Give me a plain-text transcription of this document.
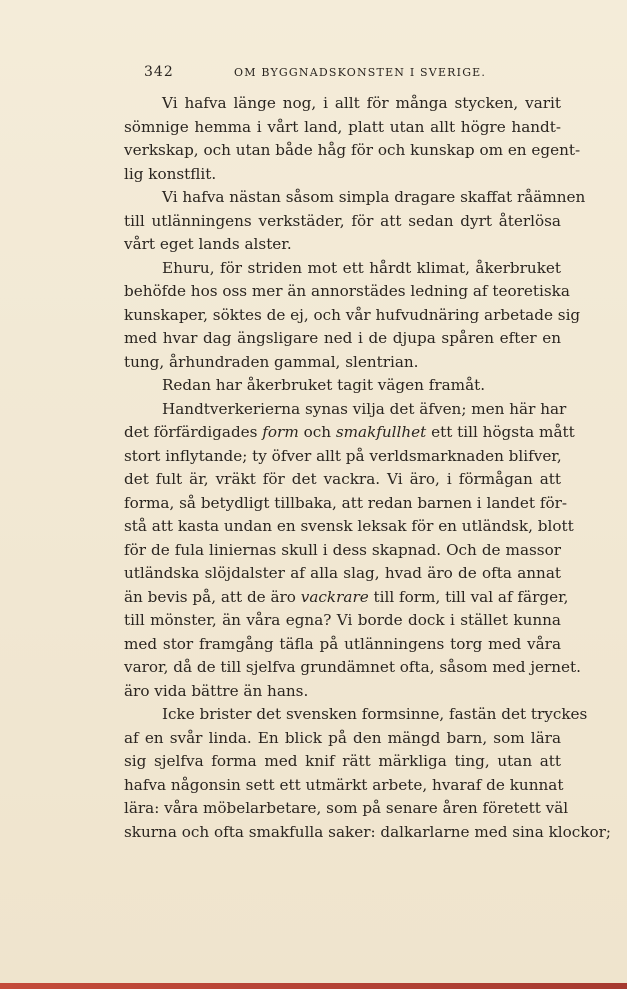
342	OM BYGGNADSKONSTEN I SVERIGE.
Vi hafva länge nog, i allt för många stycken, varit
sömnige hemma i vårt land, platt utan allt högre handt-
verkskap, och utan både håg för och kunskap om en egent-
lig konstflit.
Vi hafva nästan såsom simpla dragare skaffat råämnen
till utlänningens verkstäder, för att sedan dyrt återlösa
vårt eget lands alster.
Ehuru, för striden mot ett hårdt klimat, åkerbruket
behöfde hos oss mer än annorstädes ledning af teoretiska
kunskaper, söktes de ej, och vår hufvudnäring arbetade sig
med hvar dag ängsligare ned i de djupa spåren efter en
tung, århundraden gammal, slentrian.
Redan har åkerbruket tagit vägen framåt.
Handtverkerierna synas vilja det äfven; men här har
det förfärdigades form och smakfullhet ett till högsta mått
stort inflytande; ty öfver allt på verldsmarknaden blifver,
det fult är, vräkt för det vackra. Vi äro, i förmågan att
forma, så betydligt tillbaka, att redan barnen i landet för-
stå att kasta undan en svensk leksak för en utländsk, blott
för de fula liniernas skull i dess skapnad. Och de massor
utländska slöjdalster af alla slag, hvad äro de ofta annat
än bevis på, att de äro vackrare till form, till val af färger,
till mönster, än våra egna? Vi borde dock i stället kunna
med stor framgång täfla på utlänningens torg med våra
varor, då de till sjelfva grundämnet ofta, såsom med jernet.
äro vida bättre än hans.
Icke brister det svensken formsinne, fastän det tryckes
af en svår linda. En blick på den mängd barn, som lära
sig sjelfva forma med knif rätt märkliga ting, utan att
hafva någonsin sett ett utmärkt arbete, hvaraf de kunnat
lära: våra möbelarbetare, som på senare åren företett väl
skurna och ofta smakfulla saker: dalkarlarne med sina klockor;
